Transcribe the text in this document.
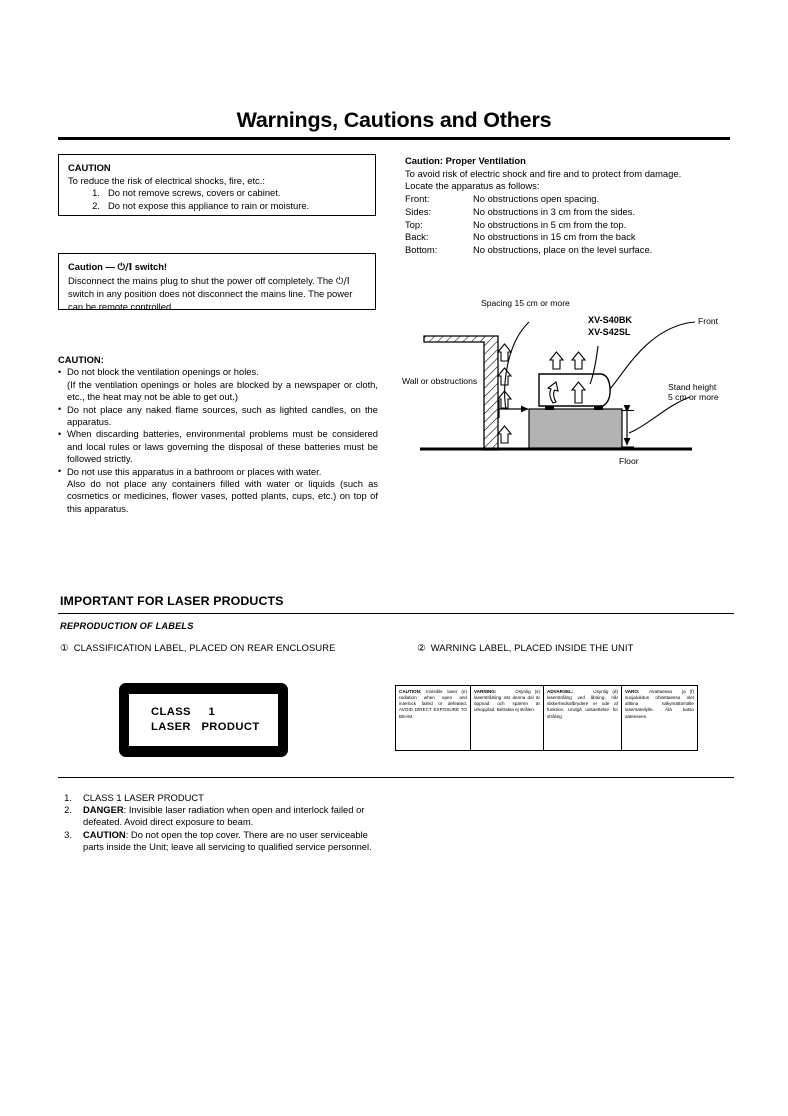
Warnings, Cautions and Others
CAUTION
To reduce the risk of electrical shocks, fire, etc.:
1. Do not remove screws, covers or cabinet.
2. Do not expose this appliance to rain or moisture.
Caution — ⏻/I switch!
Disconnect the mains plug to shut the power off completely. The ⏻/I switch in any position does not disconnect the mains line. The power can be remote controlled.
CAUTION:
• Do not block the ventilation openings or holes.
(If the ventilation openings or holes are blocked by a newspaper or cloth, etc., the heat may not be able to get out.)
• Do not place any naked flame sources, such as lighted candles, on the apparatus.
• When discarding batteries, environmental problems must be considered and local rules or laws governing the disposal of these batteries must be followed strictly.
• Do not use this apparatus in a bathroom or places with water.
Also do not place any containers filled with water or liquids (such as cosmetics or medicines, flower vases, potted plants, cups, etc.) on top of this apparatus.
Caution: Proper Ventilation
To avoid risk of electric shock and fire and to protect from damage.
Locate the apparatus as follows:
Front:	No obstructions open spacing.
Sides:	No obstructions in 3 cm from the sides.
Top:	No obstructions in 5 cm from the top.
Back:	No obstructions in 15 cm from the back
Bottom:	No obstructions, place on the level surface.
Spacing 15 cm or more
XV-S40BK
XV-S42SL
Front
Wall or obstructions
Stand height
5 cm or more
Floor
IMPORTANT FOR LASER PRODUCTS
REPRODUCTION OF LABELS
① CLASSIFICATION LABEL, PLACED ON REAR ENCLOSURE	② WARNING LABEL, PLACED INSIDE THE UNIT
CLASS     1
LASER   PRODUCT
(e)
CAUTION: Invisible laser radiation when open and interlock failed or defeated. AVOID DIRECT EXPOSURE TO BEAM.
(s)
VARNING: Osynlig laserstrålning när denna del är öppnad och spärren är urkopplad. Betrakta ej strålen.
(d)
ADVARSEL: Usynlig laserstråling ved åbning, når sikkerhedsafbrydere er ude af funktion. Undgå udsaettelse for stråling
(f)
VARO: Avattaessa ja suojalukitus ohitettaessa olet alttiina näkymättömälle lasersäteilylle. Älä katso säteeseen.
1. CLASS 1 LASER PRODUCT
2. DANGER: Invisible laser radiation when open and interlock failed or defeated. Avoid direct exposure to beam.
3. CAUTION: Do not open the top cover. There are no user serviceable parts inside the Unit; leave all servicing to qualified service personnel.
